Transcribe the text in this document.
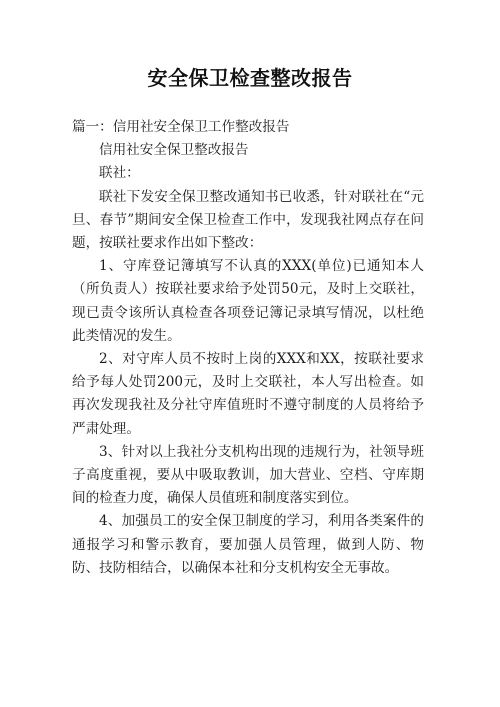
安全保卫检查整改报告

篇一：信用社安全保卫工作整改报告

信用社安全保卫整改报告

联社：

联社下发安全保卫整改通知书已收悉，针对联社在“元旦、春节”期间安全保卫检查工作中，发现我社网点存在问题，按联社要求作出如下整改：

1、守库登记簿填写不认真的XXX(单位)已通知本人（所负责人）按联社要求给予处罚50元，及时上交联社，现已责令该所认真检查各项登记簿记录填写情况，以杜绝此类情况的发生。

2、对守库人员不按时上岗的XXX和XX，按联社要求给予每人处罚200元，及时上交联社，本人写出检查。如再次发现我社及分社守库值班时不遵守制度的人员将给予严肃处理。

3、针对以上我社分支机构出现的违规行为，社领导班子高度重视，要从中吸取教训，加大营业、空档、守库期间的检查力度，确保人员值班和制度落实到位。

4、加强员工的安全保卫制度的学习，利用各类案件的通报学习和警示教育，要加强人员管理，做到人防、物防、技防相结合，以确保本社和分支机构安全无事故。
